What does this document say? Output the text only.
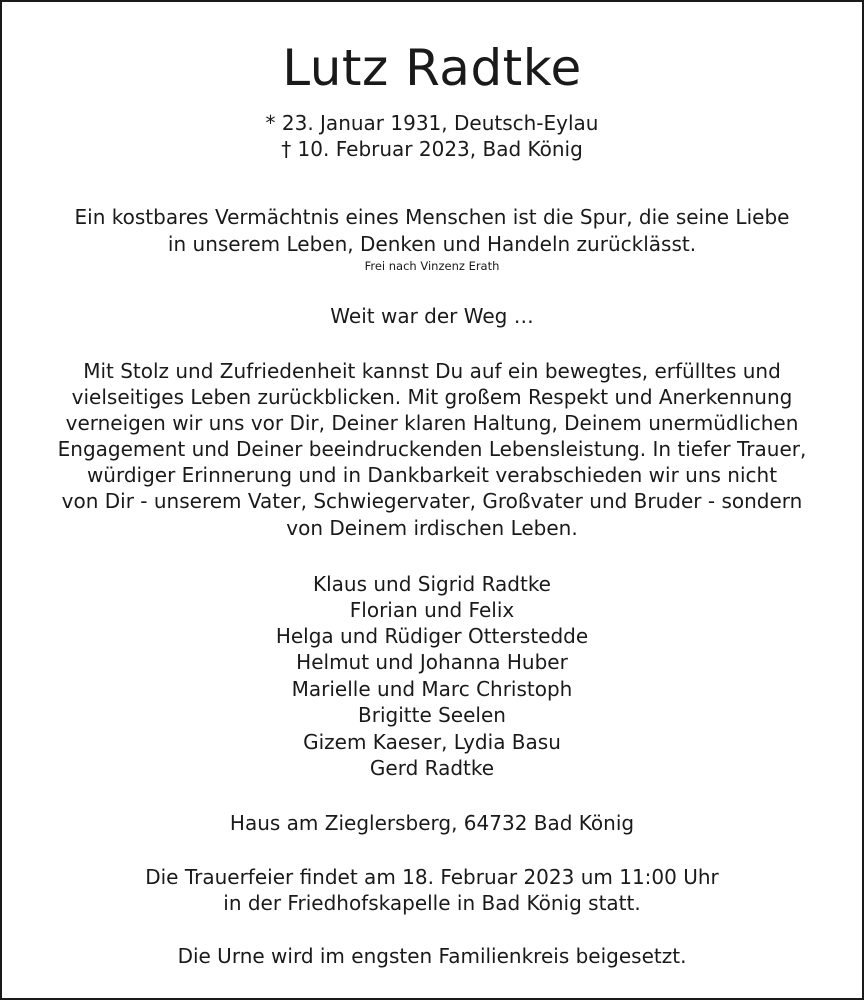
Lutz Radtke
* 23. Januar 1931, Deutsch-Eylau
† 10. Februar 2023, Bad König
Ein kostbares Vermächtnis eines Menschen ist die Spur, die seine Liebe
in unserem Leben, Denken und Handeln zurücklässt.
Frei nach Vinzenz Erath
Weit war der Weg …
Mit Stolz und Zufriedenheit kannst Du auf ein bewegtes, erfülltes und
vielseitiges Leben zurückblicken. Mit großem Respekt und Anerkennung
verneigen wir uns vor Dir, Deiner klaren Haltung, Deinem unermüdlichen
Engagement und Deiner beeindruckenden Lebensleistung. In tiefer Trauer,
würdiger Erinnerung und in Dankbarkeit verabschieden wir uns nicht
von Dir - unserem Vater, Schwiegervater, Großvater und Bruder - sondern
von Deinem irdischen Leben.
Klaus und Sigrid Radtke
Florian und Felix
Helga und Rüdiger Otterstedde
Helmut und Johanna Huber
Marielle und Marc Christoph
Brigitte Seelen
Gizem Kaeser, Lydia Basu
Gerd Radtke
Haus am Zieglersberg, 64732 Bad König
Die Trauerfeier findet am 18. Februar 2023 um 11:00 Uhr
in der Friedhofskapelle in Bad König statt.
Die Urne wird im engsten Familienkreis beigesetzt.
